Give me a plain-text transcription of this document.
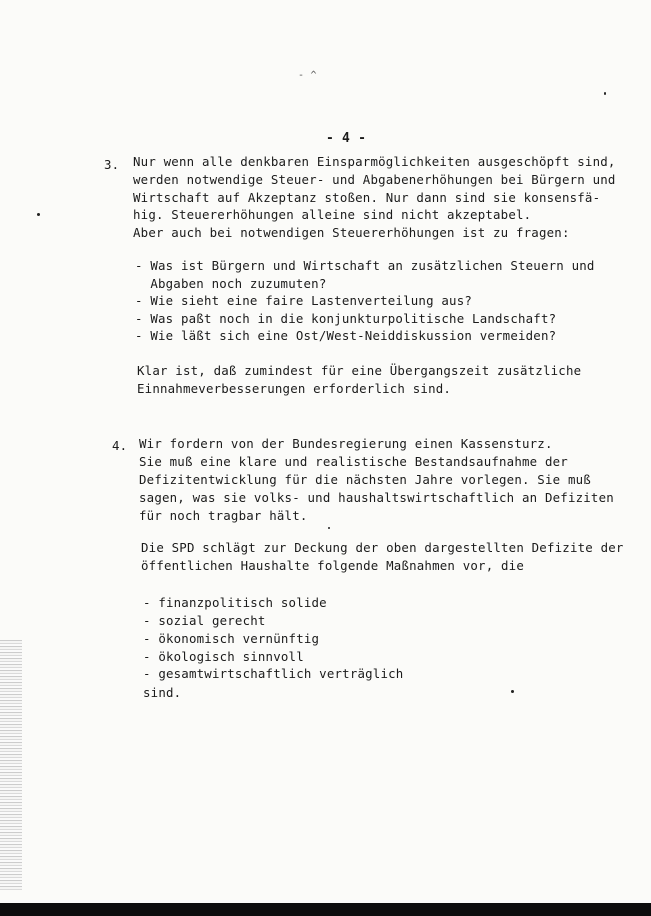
- ^
- 4 -
3. Nur wenn alle denkbaren Einsparmöglichkeiten ausgeschöpft sind,
werden notwendige Steuer- und Abgabenerhöhungen bei Bürgern und
Wirtschaft auf Akzeptanz stoßen. Nur dann sind sie konsensfä-
hig. Steuererhöhungen alleine sind nicht akzeptabel.
Aber auch bei notwendigen Steuererhöhungen ist zu fragen:
- Was ist Bürgern und Wirtschaft an zusätzlichen Steuern und
Abgaben noch zuzumuten?
- Wie sieht eine faire Lastenverteilung aus?
- Was paßt noch in die konjunkturpolitische Landschaft?
- Wie läßt sich eine Ost/West-Neiddiskussion vermeiden?
Klar ist, daß zumindest für eine Übergangszeit zusätzliche
Einnahmeverbesserungen erforderlich sind.
4. Wir fordern von der Bundesregierung einen Kassensturz.
Sie muß eine klare und realistische Bestandsaufnahme der
Defizitentwicklung für die nächsten Jahre vorlegen. Sie muß
sagen, was sie volks- und haushaltswirtschaftlich an Defiziten
für noch tragbar hält.
Die SPD schlägt zur Deckung der oben dargestellten Defizite der
öffentlichen Haushalte folgende Maßnahmen vor, die
- finanzpolitisch solide
- sozial gerecht
- ökonomisch vernünftig
- ökologisch sinnvoll
- gesamtwirtschaftlich verträglich
sind.
